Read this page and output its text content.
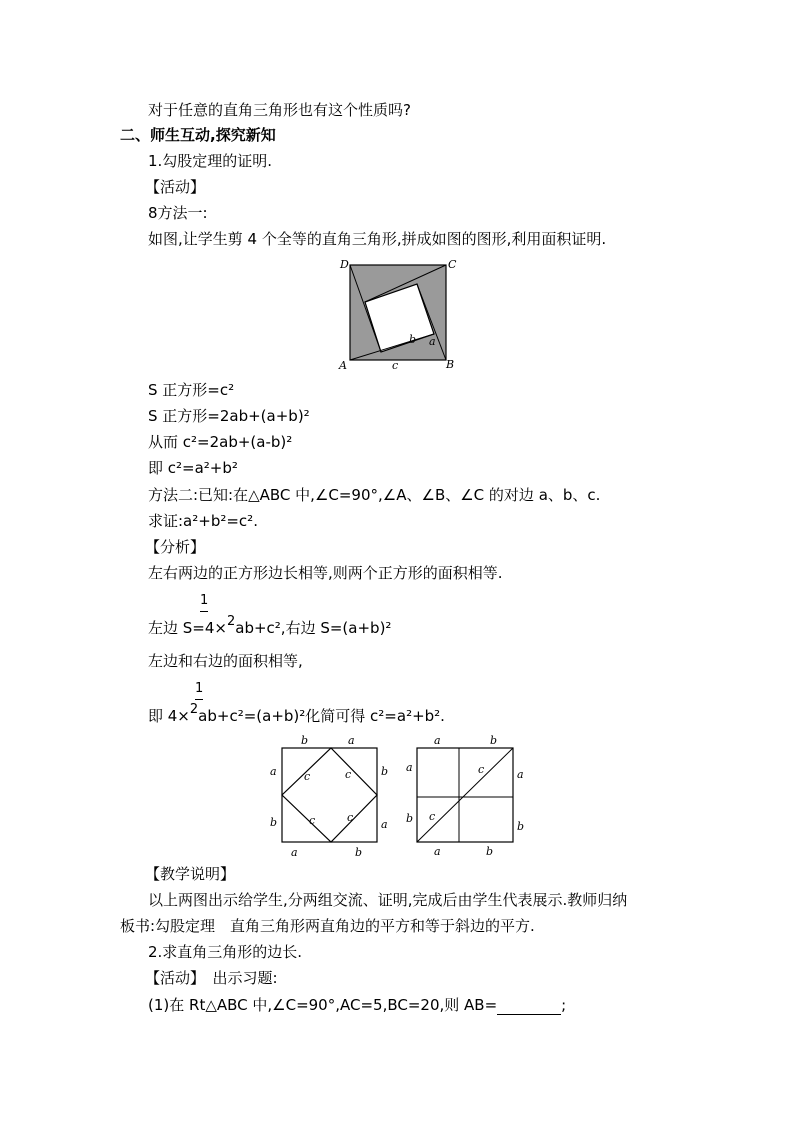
对于任意的直角三角形也有这个性质吗?
二、师生互动,探究新知
1.勾股定理的证明.
【活动】
8方法一:
如图,让学生剪 4 个全等的直角三角形,拼成如图的图形,利用面积证明.
D	C
A	B
b a
c
S 正方形=c²
S 正方形=2ab+(a+b)²
从而 c²=2ab+(a-b)²
即 c²=a²+b²
方法二:已知:在△ABC 中,∠C=90°,∠A、∠B、∠C 的对边 a、b、c.
求证:a²+b²=c².
【分析】
左右两边的正方形边长相等,则两个正方形的面积相等.
1
左边 S=4×2ab+c²,右边 S=(a+b)²
左边和右边的面积相等,
1
即 4×2ab+c²=(a+b)²化简可得 c²=a²+b².
b	a
a
b
b
a
a	b
c	c
c	c
a	b
a
b
a
b
a	b
c
c
【教学说明】
以上两图出示给学生,分两组交流、证明,完成后由学生代表展示.教师归纳
板书:勾股定理　直角三角形两直角边的平方和等于斜边的平方.
2.求直角三角形的边长.
【活动】　出示习题:
(1)在 Rt△ABC 中,∠C=90°,AC=5,BC=20,则 AB=	;
